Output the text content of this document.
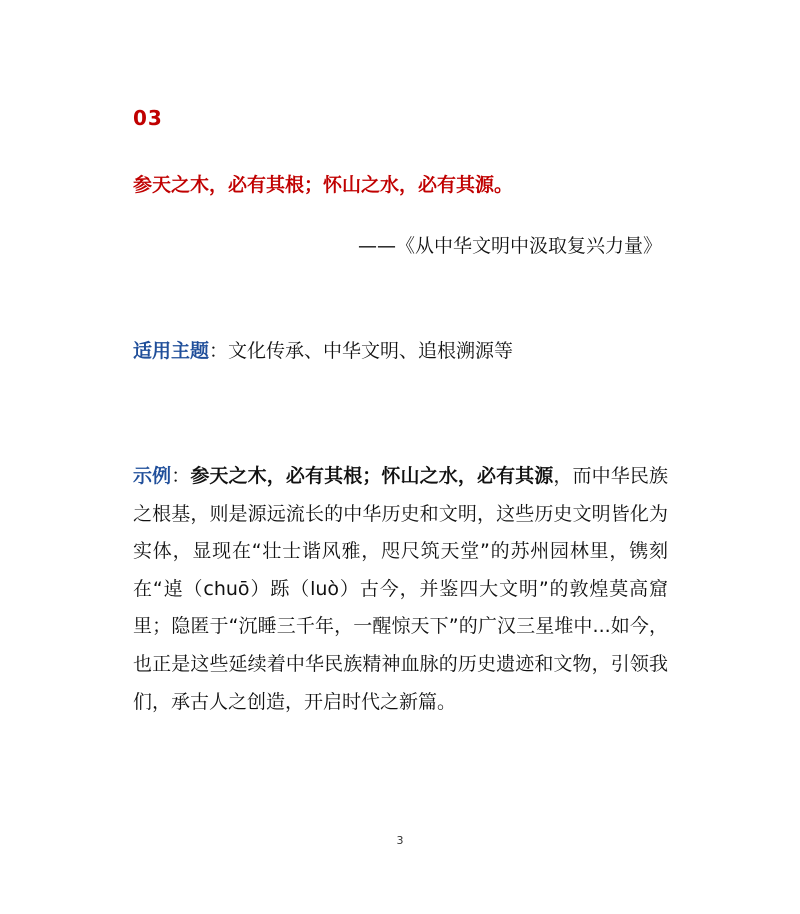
03
参天之木，必有其根；怀山之水，必有其源。
——《从中华文明中汲取复兴力量》
适用主题：文化传承、中华文明、追根溯源等
示例：参天之木，必有其根；怀山之水，必有其源，而中华民族之根基，则是源远流长的中华历史和文明，这些历史文明皆化为实体，显现在“壮士谐风雅，咫尺筑天堂”的苏州园林里，镌刻在“逴（chuō）跞（luò）古今，并鉴四大文明”的敦煌莫高窟里；隐匿于“沉睡三千年，一醒惊天下”的广汉三星堆中...如今，也正是这些延续着中华民族精神血脉的历史遗迹和文物，引领我们，承古人之创造，开启时代之新篇。
3
